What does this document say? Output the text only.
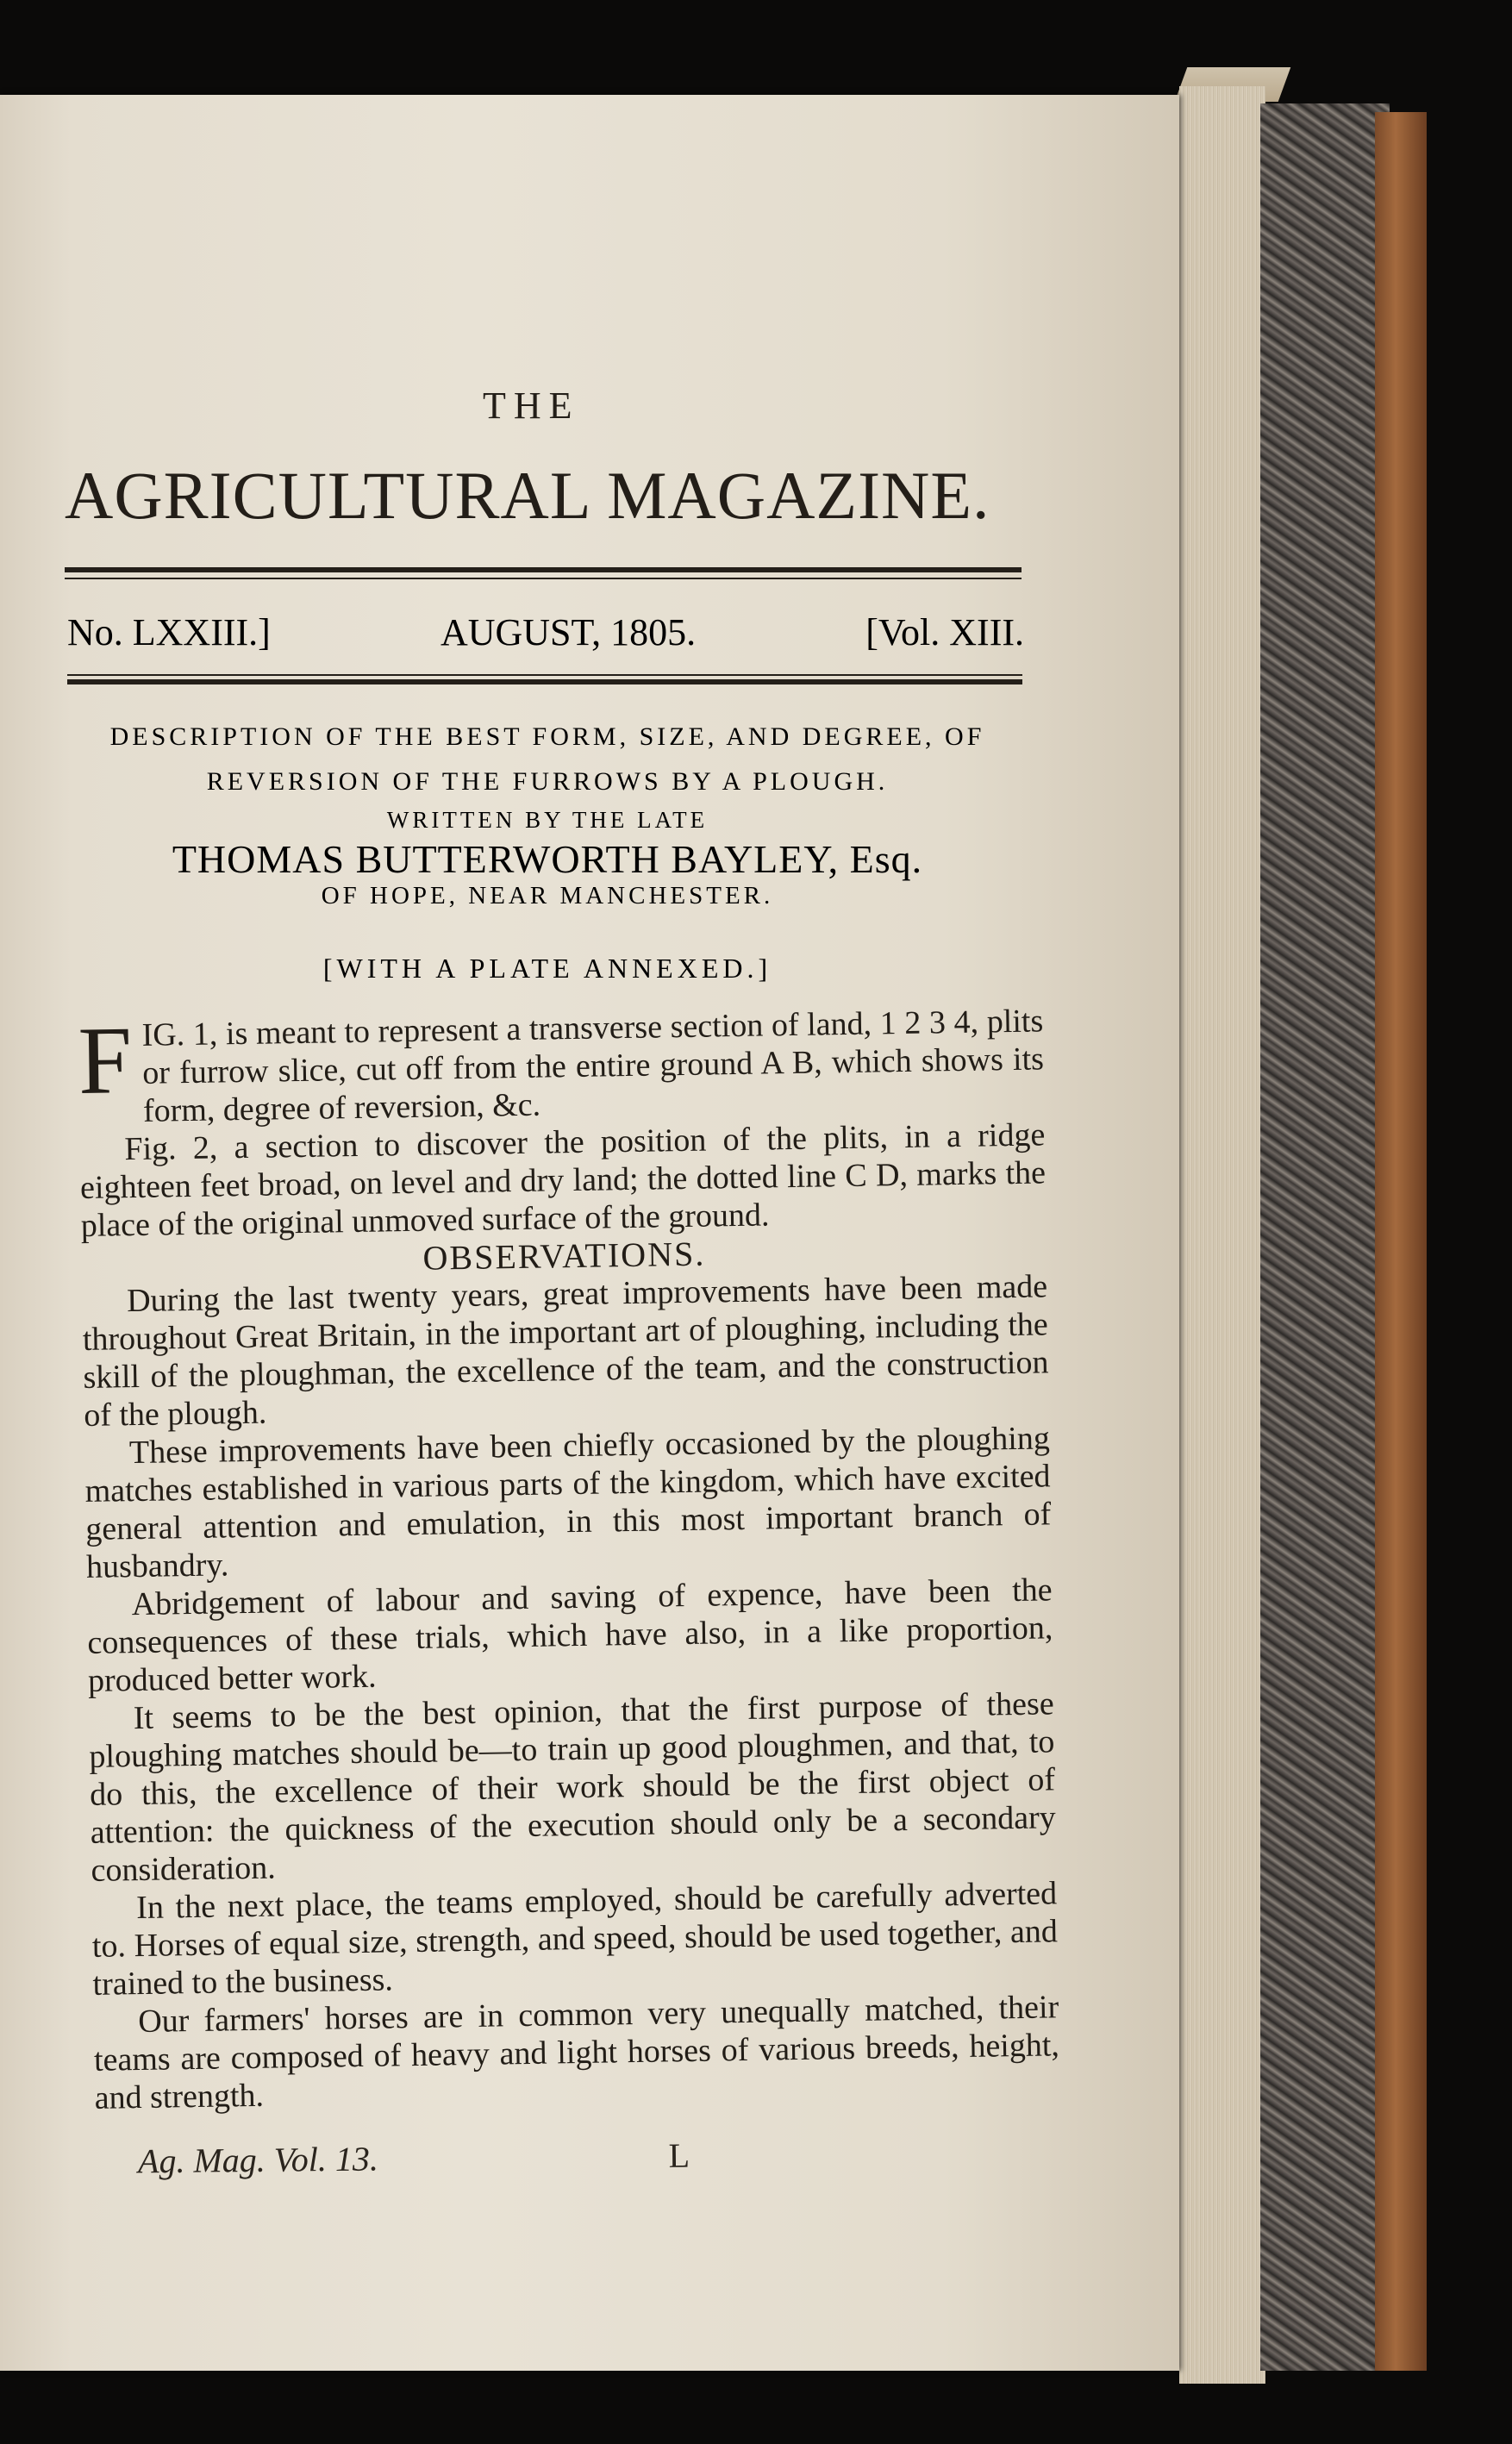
THE
AGRICULTURAL MAGAZINE.
No. LXXIII.]	AUGUST, 1805.	[Vol. XIII.
DESCRIPTION OF THE BEST FORM, SIZE, AND DEGREE, OF
REVERSION OF THE FURROWS BY A PLOUGH.
WRITTEN BY THE LATE
THOMAS BUTTERWORTH BAYLEY, Esq.
OF HOPE, NEAR MANCHESTER.
[WITH A PLATE ANNEXED.]

FIG. 1, is meant to represent a transverse section of land, 1 2 3 4, plits or furrow slice, cut off from the entire ground A B, which shows its form, degree of reversion, &c.

Fig. 2, a section to discover the position of the plits, in a ridge eighteen feet broad, on level and dry land; the dotted line C D, marks the place of the original unmoved surface of the ground.

OBSERVATIONS.

During the last twenty years, great improvements have been made throughout Great Britain, in the important art of ploughing, including the skill of the ploughman, the excellence of the team, and the construction of the plough.

These improvements have been chiefly occasioned by the ploughing matches established in various parts of the kingdom, which have excited general attention and emulation, in this most important branch of husbandry.

Abridgement of labour and saving of expence, have been the consequences of these trials, which have also, in a like proportion, produced better work.

It seems to be the best opinion, that the first purpose of these ploughing matches should be—to train up good ploughmen, and that, to do this, the excellence of their work should be the first object of attention: the quickness of the execution should only be a secondary consideration.

In the next place, the teams employed, should be carefully adverted to. Horses of equal size, strength, and speed, should be used together, and trained to the business.

Our farmers' horses are in common very unequally matched, their teams are composed of heavy and light horses of various breeds, height, and strength.

Ag. Mag. Vol. 13.	L
